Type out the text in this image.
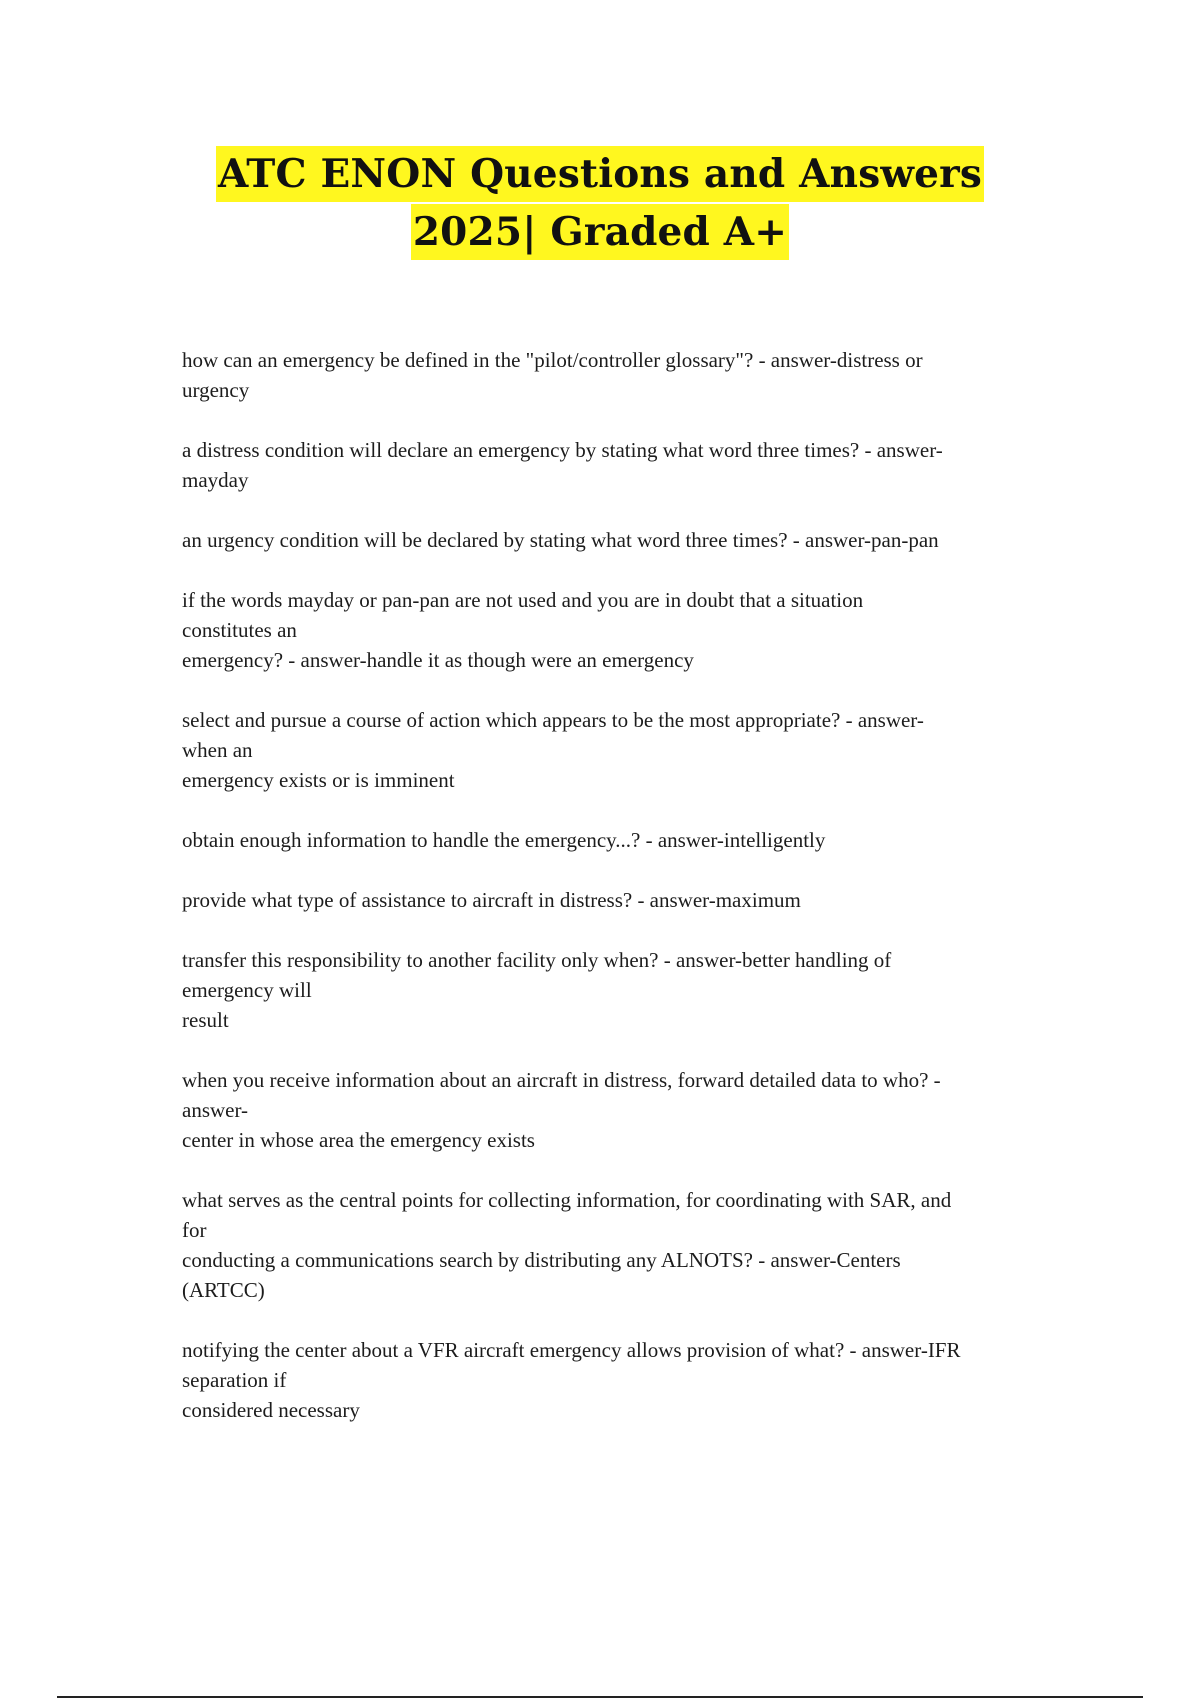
ATC ENON Questions and Answers
2025| Graded A+
how can an emergency be defined in the "pilot/controller glossary"? - answer-distress or
urgency
a distress condition will declare an emergency by stating what word three times? - answer-
mayday
an urgency condition will be declared by stating what word three times? - answer-pan-pan
if the words mayday or pan-pan are not used and you are in doubt that a situation
constitutes an
emergency? - answer-handle it as though were an emergency
select and pursue a course of action which appears to be the most appropriate? - answer-
when an
emergency exists or is imminent
obtain enough information to handle the emergency...? - answer-intelligently
provide what type of assistance to aircraft in distress? - answer-maximum
transfer this responsibility to another facility only when? - answer-better handling of
emergency will
result
when you receive information about an aircraft in distress, forward detailed data to who? -
answer-
center in whose area the emergency exists
what serves as the central points for collecting information, for coordinating with SAR, and
for
conducting a communications search by distributing any ALNOTS? - answer-Centers
(ARTCC)
notifying the center about a VFR aircraft emergency allows provision of what? - answer-IFR
separation if
considered necessary
